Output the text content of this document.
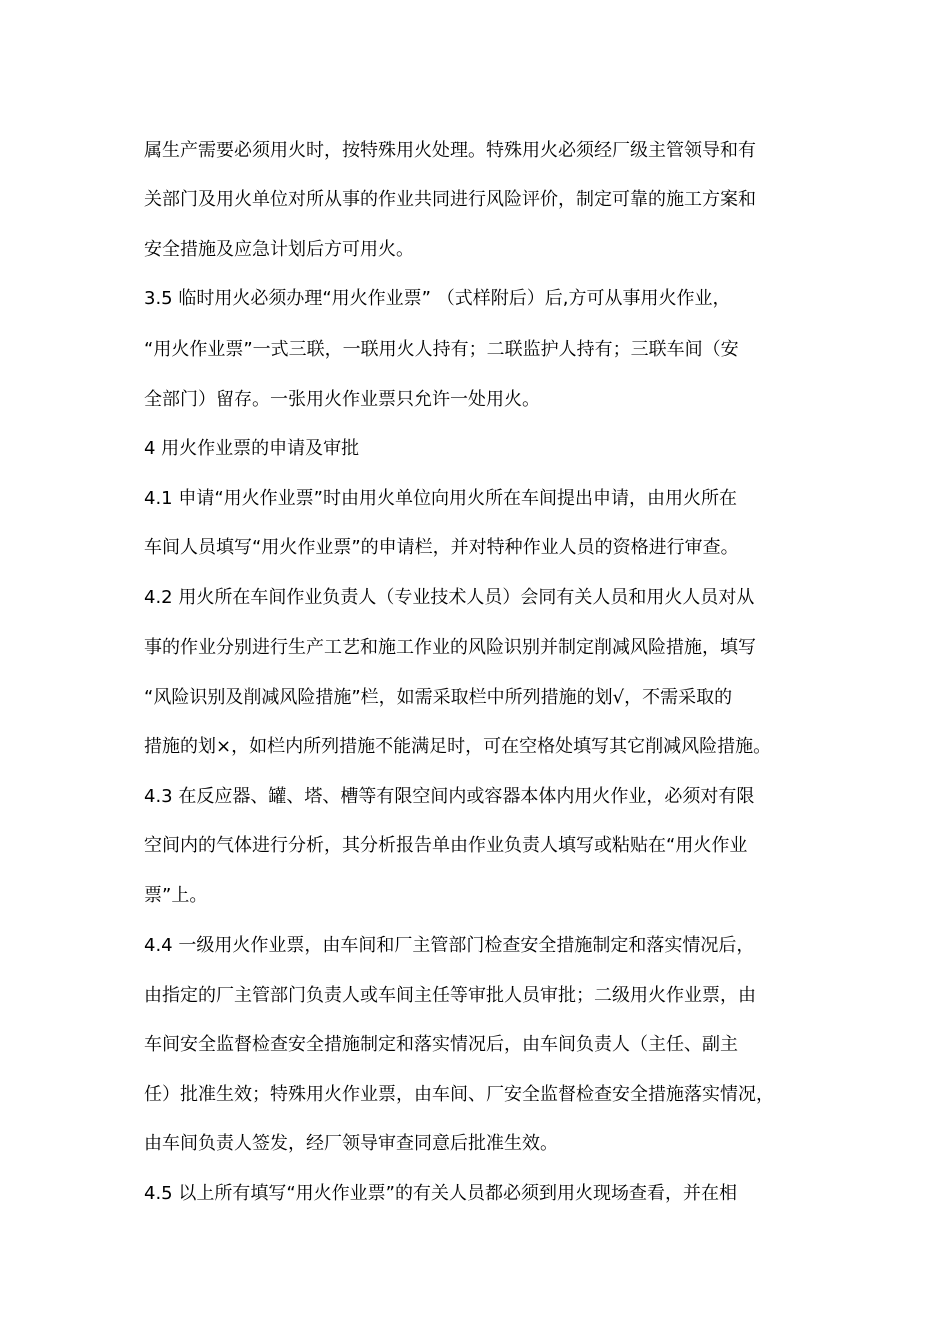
属生产需要必须用火时，按特殊用火处理。特殊用火必须经厂级主管领导和有
关部门及用火单位对所从事的作业共同进行风险评价，制定可靠的施工方案和
安全措施及应急计划后方可用火。
3.5 临时用火必须办理“用火作业票” （式样附后）后,方可从事用火作业，
“用火作业票”一式三联，一联用火人持有；二联监护人持有；三联车间（安
全部门）留存。一张用火作业票只允许一处用火。
4 用火作业票的申请及审批
4.1 申请“用火作业票”时由用火单位向用火所在车间提出申请，由用火所在
车间人员填写“用火作业票”的申请栏，并对特种作业人员的资格进行审查。
4.2 用火所在车间作业负责人（专业技术人员）会同有关人员和用火人员对从
事的作业分别进行生产工艺和施工作业的风险识别并制定削减风险措施，填写
“风险识别及削减风险措施”栏，如需采取栏中所列措施的划√，不需采取的
措施的划×，如栏内所列措施不能满足时，可在空格处填写其它削减风险措施。
4.3 在反应器、罐、塔、槽等有限空间内或容器本体内用火作业，必须对有限
空间内的气体进行分析，其分析报告单由作业负责人填写或粘贴在“用火作业
票”上。
4.4 一级用火作业票，由车间和厂主管部门检查安全措施制定和落实情况后，
由指定的厂主管部门负责人或车间主任等审批人员审批；二级用火作业票，由
车间安全监督检查安全措施制定和落实情况后，由车间负责人（主任、副主
任）批准生效；特殊用火作业票，由车间、厂安全监督检查安全措施落实情况，
由车间负责人签发，经厂领导审查同意后批准生效。
4.5 以上所有填写“用火作业票”的有关人员都必须到用火现场查看，并在相
